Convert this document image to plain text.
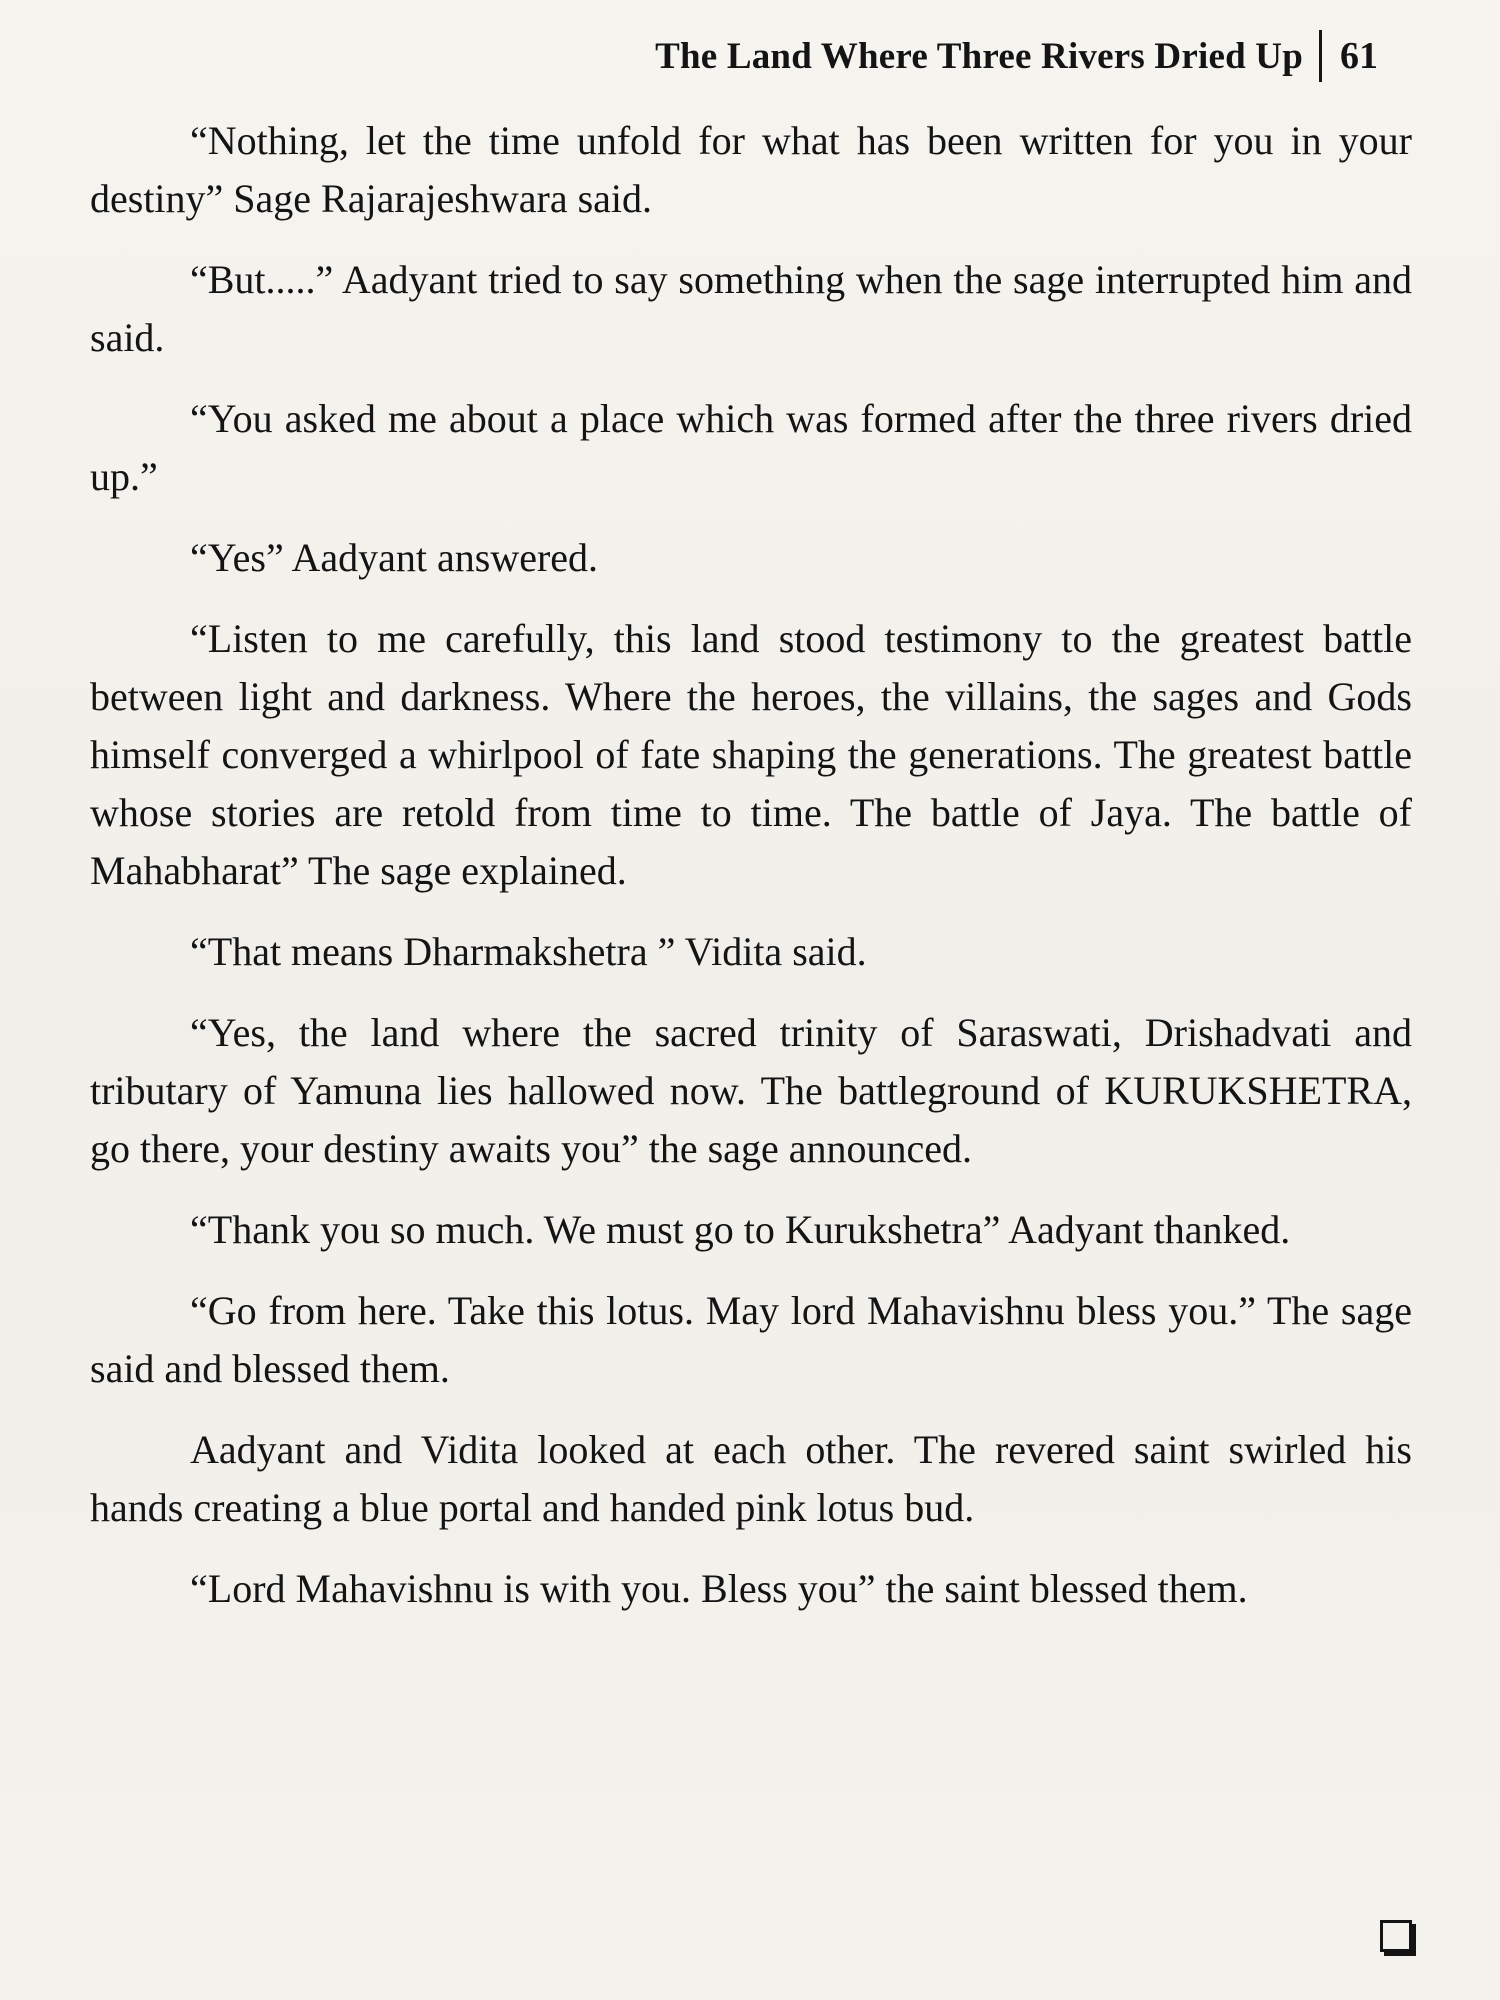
The Land Where Three Rivers Dried Up 61

“Nothing, let the time unfold for what has been written for you in your destiny” Sage Rajarajeshwara said.

“But.....” Aadyant tried to say something when the sage interrupted him and said.

“You asked me about a place which was formed after the three rivers dried up.”

“Yes” Aadyant answered.

“Listen to me carefully, this land stood testimony to the greatest battle between light and darkness. Where the heroes, the villains, the sages and Gods himself converged a whirlpool of fate shaping the generations. The greatest battle whose stories are retold from time to time. The battle of Jaya. The battle of Mahabharat” The sage explained.

“That means Dharmakshetra ” Vidita said.

“Yes, the land where the sacred trinity of Saraswati, Drishadvati and tributary of Yamuna lies hallowed now. The battleground of KURUKSHETRA, go there, your destiny awaits you” the sage announced.

“Thank you so much. We must go to Kurukshetra” Aadyant thanked.

“Go from here. Take this lotus. May lord Mahavishnu bless you.” The sage said and blessed them.

Aadyant and Vidita looked at each other. The revered saint swirled his hands creating a blue portal and handed pink lotus bud.

“Lord Mahavishnu is with you. Bless you” the saint blessed them.
